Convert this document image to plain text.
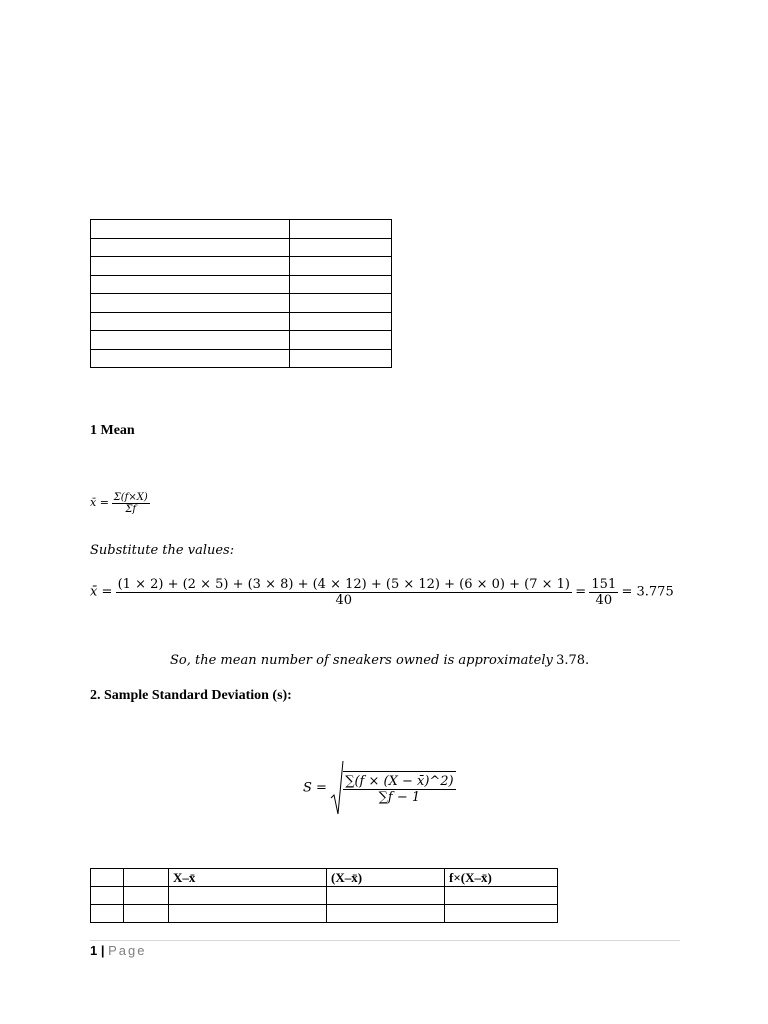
1 Mean
x̄ = $\frac{\Sigma(f\times X)}{\Sigma f}$
Substitute the values:
x̄ = (1 × 2) + (2 × 5) + (3 × 8) + (4 × 12) + (5 × 12) + (6 × 0) + (7 × 1)
40
= $\frac{151}{40} = 3.775$
So, the mean number of sneakers owned is approximately 3.78.
2. Sample Standard Deviation (s):
$S = \frac{\sum(f \times (X - x̄)\^{}2)}{\sum f - 1}$
		X–x̄	(X–x̄)	f×(X–x̄)

1 | Page
